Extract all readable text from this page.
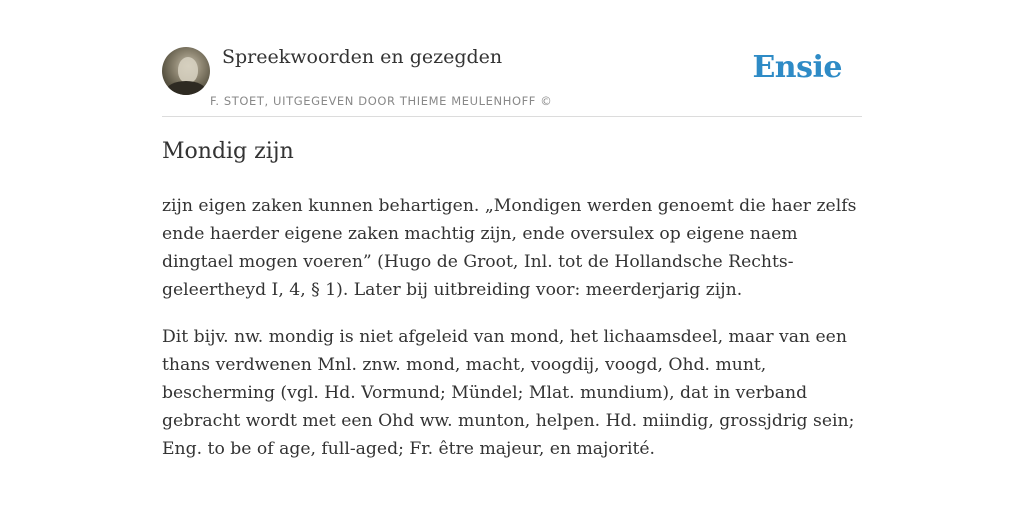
Spreekwoorden en gezegden
F. STOET, UITGEGEVEN DOOR THIEME MEULENHOFF ©
Ensie
Mondig zijn

zijn eigen zaken kunnen behartigen. „Mondigen werden genoemt die haer zelfs ende haerder eigene zaken machtig zijn, ende oversulex op eigene naem dingtael mogen voeren” (Hugo de Groot, Inl. tot de Hollandsche Rechts-geleertheyd I, 4, § 1). Later bij uitbreiding voor: meerderjarig zijn.

Dit bijv. nw. mondig is niet afgeleid van mond, het lichaamsdeel, maar van een thans verdwenen Mnl. znw. mond, macht, voogdij, voogd, Ohd. munt, bescherming (vgl. Hd. Vormund; Mündel; Mlat. mundium), dat in verband gebracht wordt met een Ohd ww. munton, helpen. Hd. miindig, grossjdrig sein; Eng. to be of age, full-aged; Fr. être majeur, en majorité.
